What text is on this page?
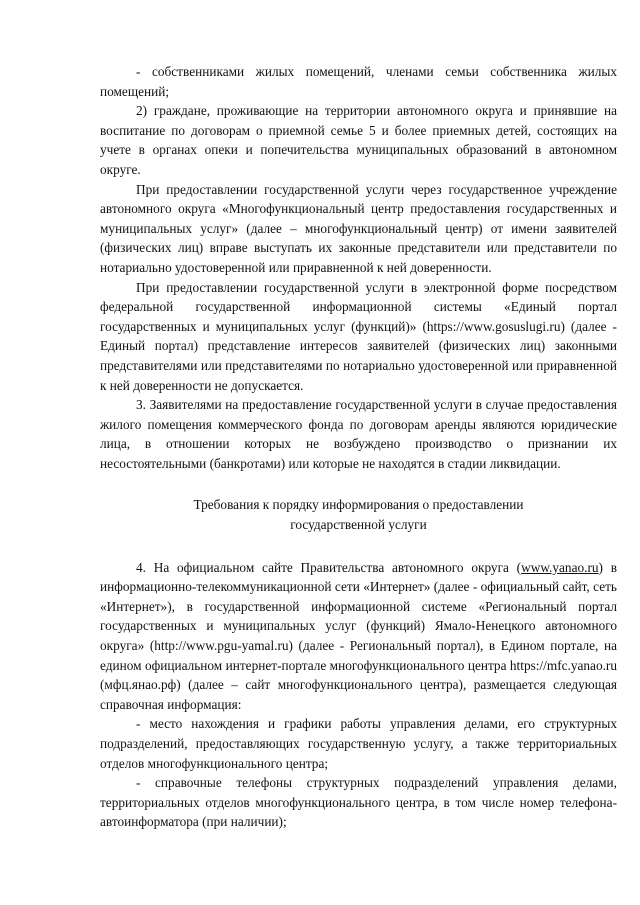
- собственниками жилых помещений, членами семьи собственника жилых помещений;

2) граждане, проживающие на территории автономного округа и принявшие на воспитание по договорам о приемной семье 5 и более приемных детей, состоящих на учете в органах опеки и попечительства муниципальных образований в автономном округе.

При предоставлении государственной услуги через государственное учреждение автономного округа «Многофункциональный центр предоставления государственных и муниципальных услуг» (далее – многофункциональный центр) от имени заявителей (физических лиц) вправе выступать их законные представители или представители по нотариально удостоверенной или приравненной к ней доверенности.

При предоставлении государственной услуги в электронной форме посредством федеральной государственной информационной системы «Единый портал государственных и муниципальных услуг (функций)» (https://www.gosuslugi.ru) (далее - Единый портал) представление интересов заявителей (физических лиц) законными представителями или представителями по нотариально удостоверенной или приравненной к ней доверенности не допускается.

3. Заявителями на предоставление государственной услуги в случае предоставления жилого помещения коммерческого фонда по договорам аренды являются юридические лица, в отношении которых не возбуждено производство о признании их несостоятельными (банкротами) или которые не находятся в стадии ликвидации.

Требования к порядку информирования о предоставлении
государственной услуги

4. На официальном сайте Правительства автономного округа (www.yanao.ru) в информационно-телекоммуникационной сети «Интернет» (далее - официальный сайт, сеть «Интернет»), в государственной информационной системе «Региональный портал государственных и муниципальных услуг (функций) Ямало-Ненецкого автономного округа» (http://www.pgu-yamal.ru) (далее - Региональный портал), в Едином портале, на едином официальном интернет-портале многофункционального центра https://mfc.yanao.ru (мфц.янао.рф) (далее – сайт многофункционального центра), размещается следующая справочная информация:

- место нахождения и графики работы управления делами, его структурных подразделений, предоставляющих государственную услугу, а также территориальных отделов многофункционального центра;

- справочные телефоны структурных подразделений управления делами, территориальных отделов многофункционального центра, в том числе номер телефона-автоинформатора (при наличии);
